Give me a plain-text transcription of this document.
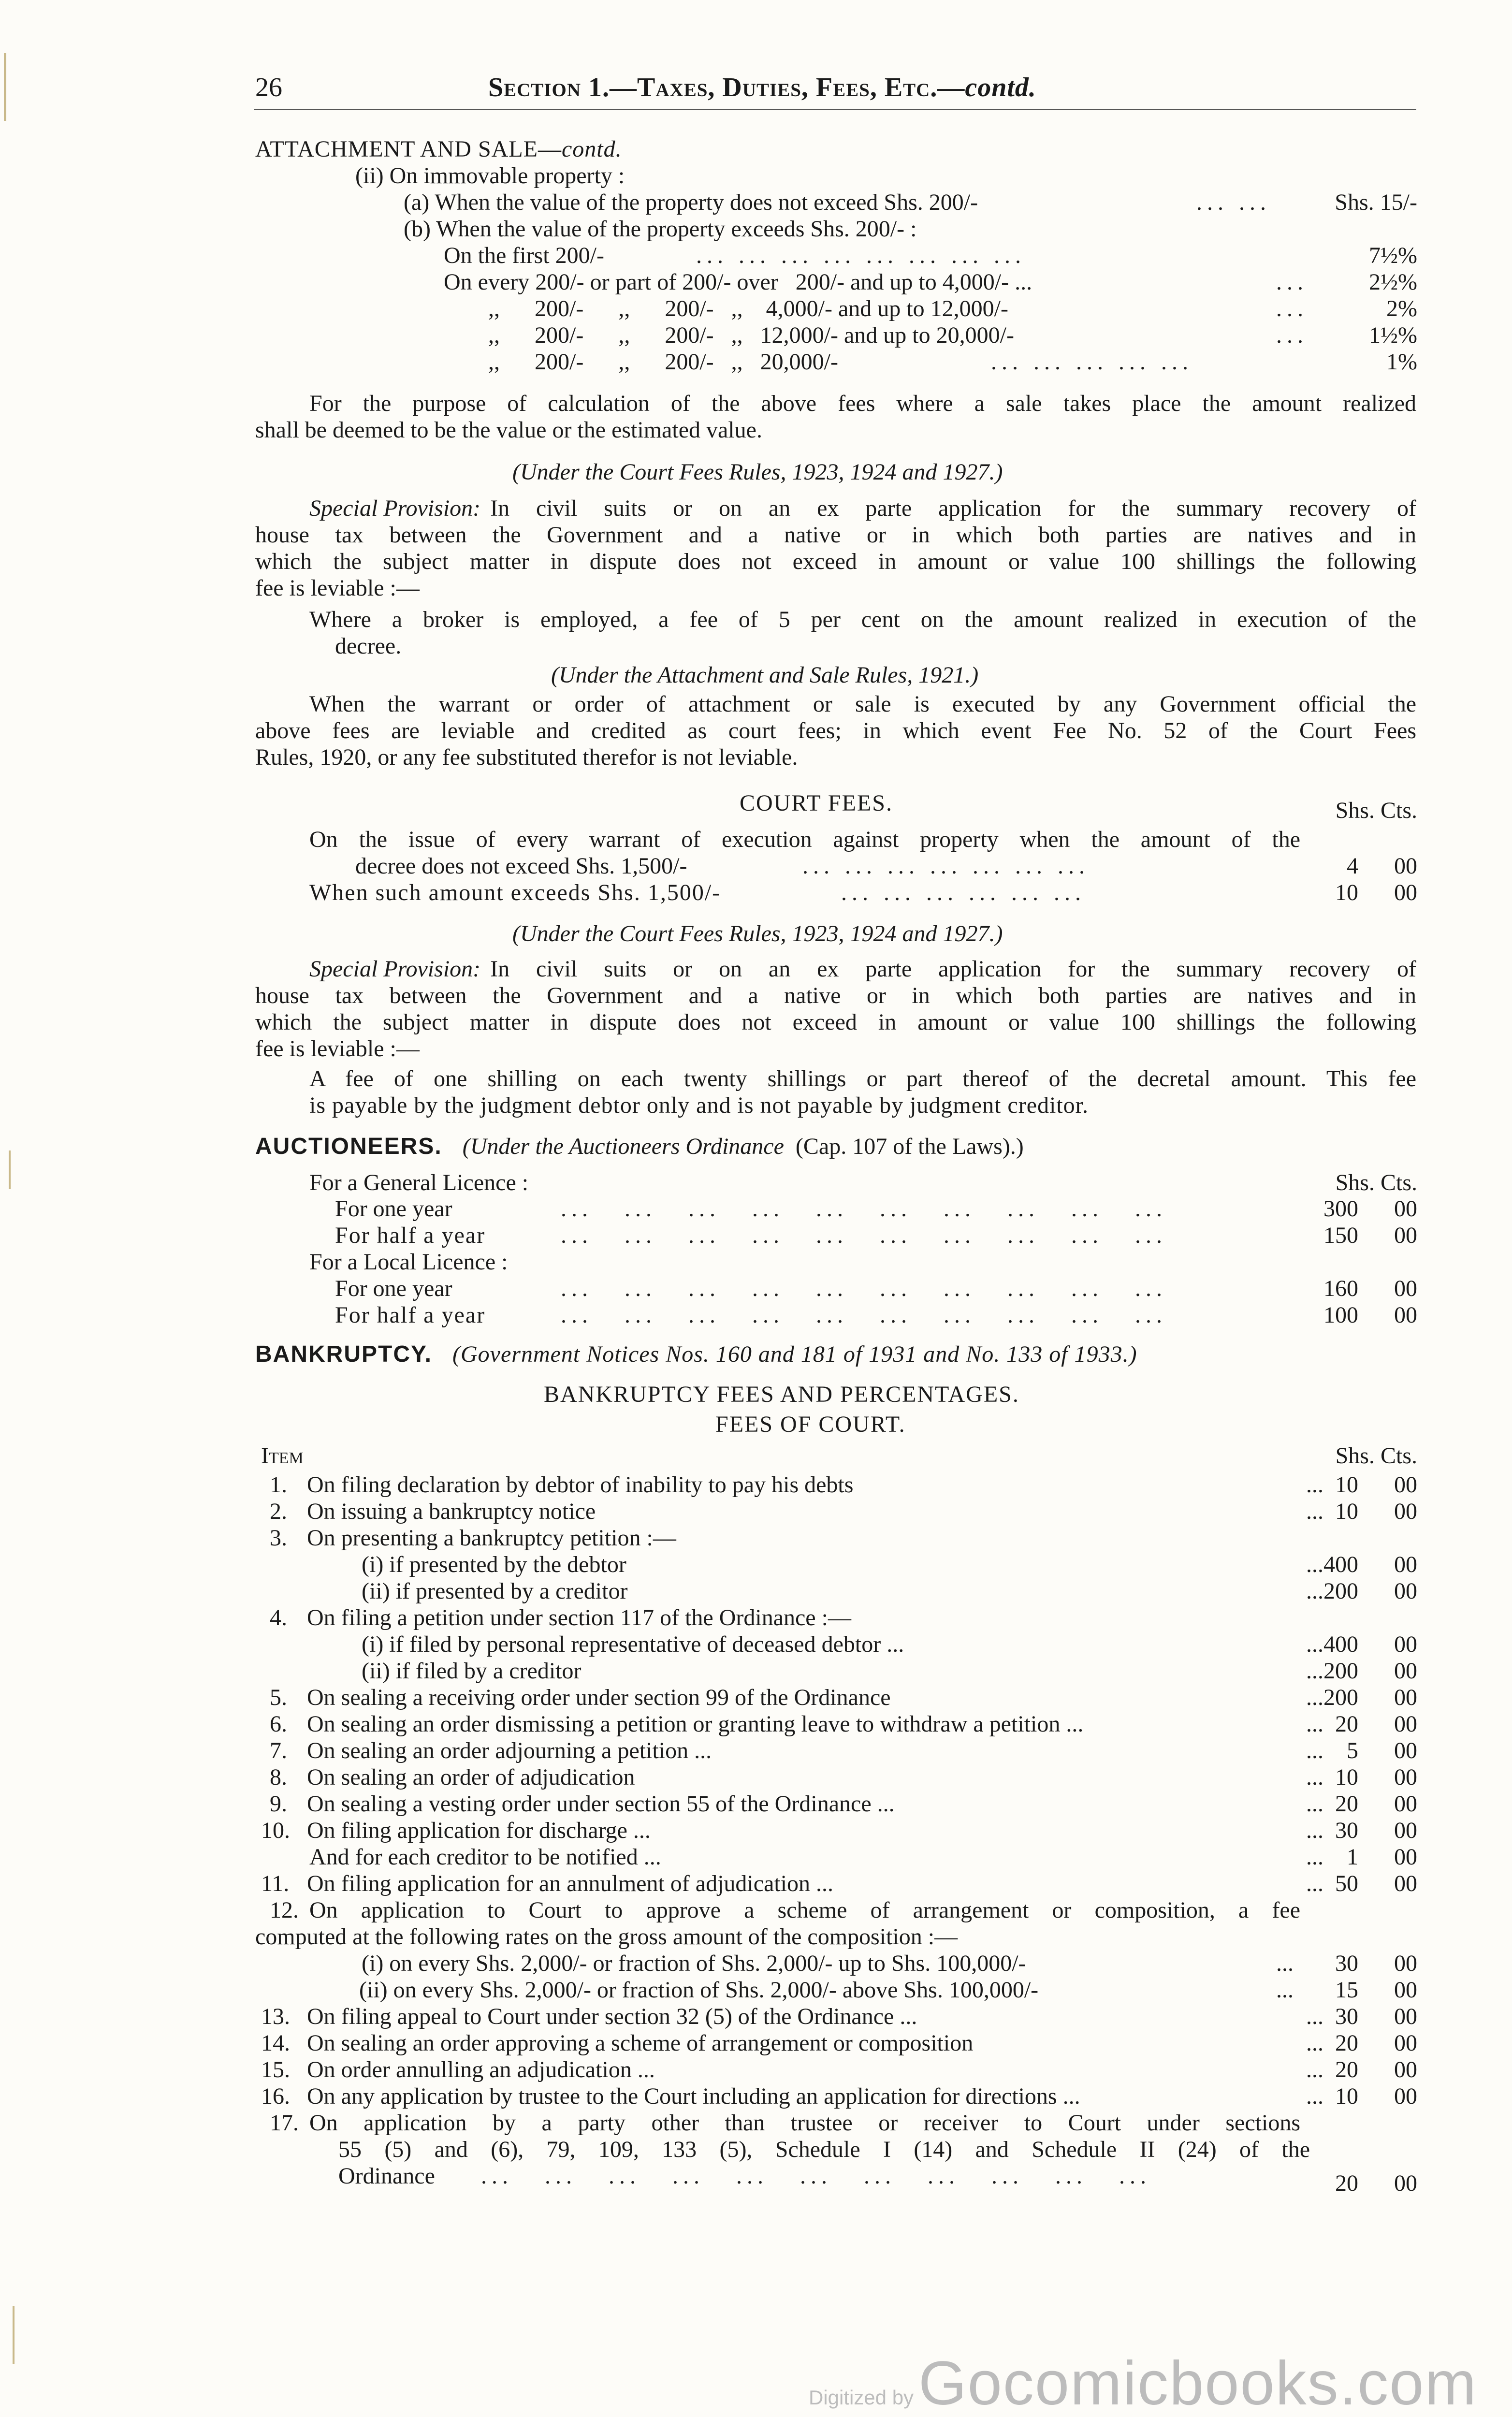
26	Section 1.—Taxes, Duties, Fees, Etc.—contd.
ATTACHMENT AND SALE—contd.
(ii) On immovable property :
(a) When the value of the property does not exceed Shs. 200/-	... ...	Shs. 15/-
(b) When the value of the property exceeds Shs. 200/- :
On the first 200/-	... ... ... ... ... ... ... ...	7½%
On every 200/- or part of 200/- over   200/- and up to 4,000/- ...	...	2½%
,,      200/-      ,,      200/-   ,,    4,000/- and up to 12,000/-	...	2%
,,      200/-      ,,      200/-   ,,   12,000/- and up to 20,000/-	...	1½%
,,      200/-      ,,      200/-   ,,   20,000/-	... ... ... ... ...	1%
For the purpose of calculation of the above fees where a sale takes place the amount realized
shall be deemed to be the value or the estimated value.
(Under the Court Fees Rules, 1923, 1924 and 1927.)
Special Provision: In civil suits or on an ex parte application for the summary recovery of
house tax between the Government and a native or in which both parties are natives and in
which the subject matter in dispute does not exceed in amount or value 100 shillings the following
fee is leviable :—
Where a broker is employed, a fee of 5 per cent on the amount realized in execution of the
decree.
(Under the Attachment and Sale Rules, 1921.)
When the warrant or order of attachment or sale is executed by any Government official the
above fees are leviable and credited as court fees; in which event Fee No. 52 of the Court Fees
Rules, 1920, or any fee substituted therefor is not leviable.
COURT FEES.	Shs. Cts.
On the issue of every warrant of execution against property when the amount of the
decree does not exceed Shs. 1,500/-	... ... ... ... ... ... ...	4 00
When such amount exceeds Shs. 1,500/-	... ... ... ... ... ...	10 00
(Under the Court Fees Rules, 1923, 1924 and 1927.)
Special Provision: In civil suits or on an ex parte application for the summary recovery of
house tax between the Government and a native or in which both parties are natives and in
which the subject matter in dispute does not exceed in amount or value 100 shillings the following
fee is leviable :—
A fee of one shilling on each twenty shillings or part thereof of the decretal amount. This fee
is payable by the judgment debtor only and is not payable by judgment creditor.
AUCTIONEERS. (Under the Auctioneers Ordinance (Cap. 107 of the Laws).)
For a General Licence :	Shs. Cts.
For one year	...   ...   ...   ...   ...   ...   ...   ...   ...   ...	300 00
For half a year	...   ...   ...   ...   ...   ...   ...   ...   ...   ...	150 00
For a Local Licence :
For one year	...   ...   ...   ...   ...   ...   ...   ...   ...   ...	160 00
For half a year	...   ...   ...   ...   ...   ...   ...   ...   ...   ...	100 00
BANKRUPTCY. (Government Notices Nos. 160 and 181 of 1931 and No. 133 of 1933.)
BANKRUPTCY FEES AND PERCENTAGES.
FEES OF COURT.
Item	Shs. Cts.
1. On filing declaration by debtor of inability to pay his debts	... 10 00
2. On issuing a bankruptcy notice	... 10 00
3. On presenting a bankruptcy petition :—
(i) if presented by the debtor	... 400 00
(ii) if presented by a creditor	... 200 00
4. On filing a petition under section 117 of the Ordinance :—
(i) if filed by personal representative of deceased debtor ...	... 400 00
(ii) if filed by a creditor	... 200 00
5. On sealing a receiving order under section 99 of the Ordinance	... 200 00
6. On sealing an order dismissing a petition or granting leave to withdraw a petition ...	... 20 00
7. On sealing an order adjourning a petition ...	... 5 00
8. On sealing an order of adjudication	... 10 00
9. On sealing a vesting order under section 55 of the Ordinance ...	... 20 00
10. On filing application for discharge ...	... 30 00
And for each creditor to be notified ...	... 1 00
11. On filing application for an annulment of adjudication ...	... 50 00
12. On application to Court to approve a scheme of arrangement or composition, a fee
computed at the following rates on the gross amount of the composition :—
(i) on every Shs. 2,000/- or fraction of Shs. 2,000/- up to Shs. 100,000/-	... 30 00
(ii) on every Shs. 2,000/- or fraction of Shs. 2,000/- above Shs. 100,000/-	... 15 00
13. On filing appeal to Court under section 32 (5) of the Ordinance ...	... 30 00
14. On sealing an order approving a scheme of arrangement or composition	... 20 00
15. On order annulling an adjudication ...	... 20 00
16. On any application by trustee to the Court including an application for directions ...	... 10 00
17. On application by a party other than trustee or receiver to Court under sections
55 (5) and (6), 79, 109, 133 (5), Schedule I (14) and Schedule II (24) of the
Ordinance ...   ...   ...   ...   ...   ...   ...   ...   ...   ...   ...	20 00
Digitized byGocomicbooks.com
